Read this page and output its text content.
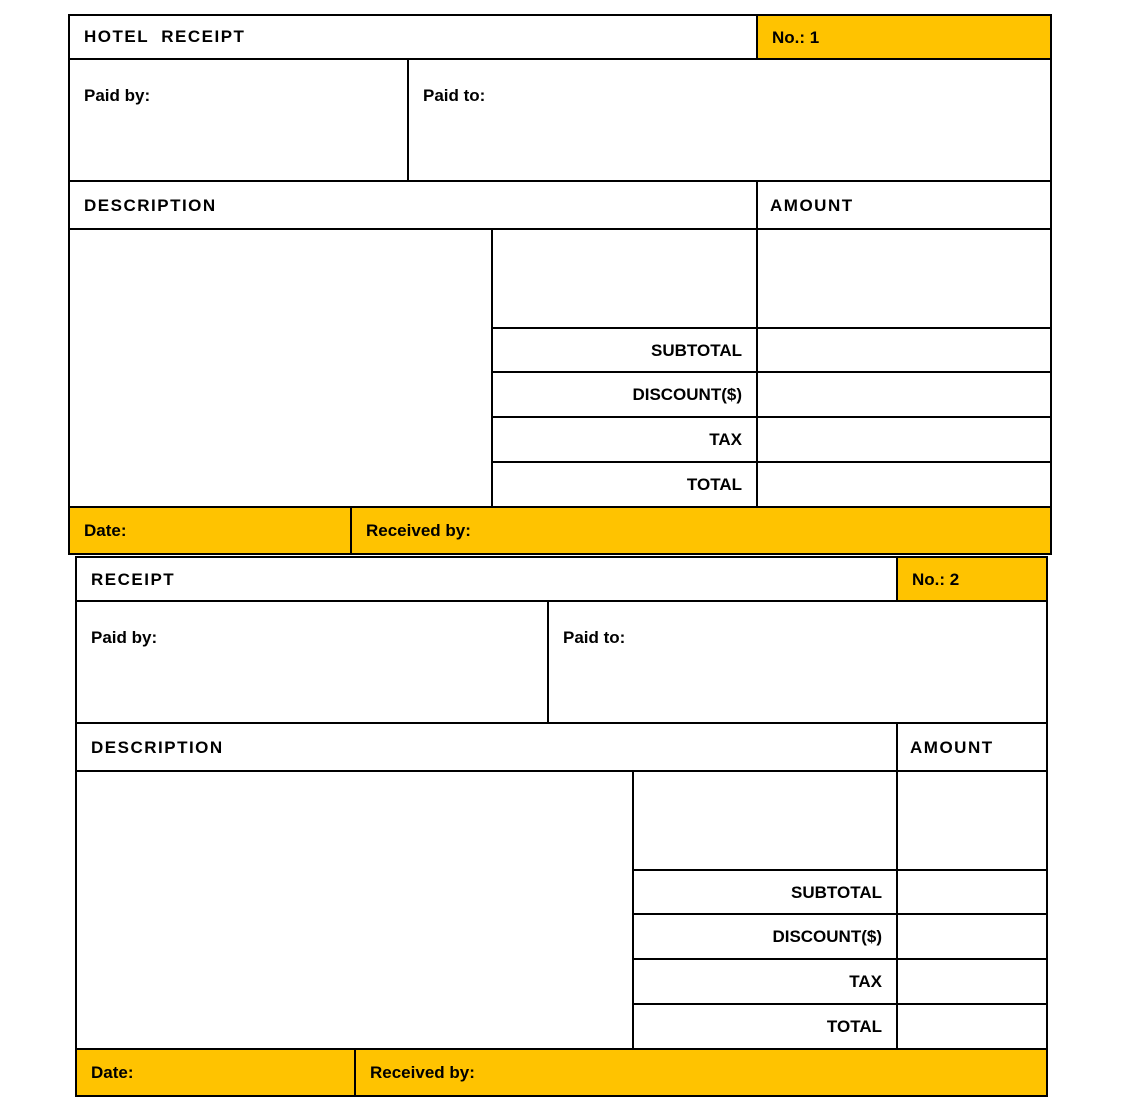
HOTEL  RECEIPT	No.: 1
Paid by:	Paid to:
DESCRIPTION	AMOUNT
SUBTOTAL
DISCOUNT($)
TAX
TOTAL
Date:	Received by:
RECEIPT	No.: 2
Paid by:	Paid to:
DESCRIPTION	AMOUNT
SUBTOTAL
DISCOUNT($)
TAX
TOTAL
Date:	Received by:
